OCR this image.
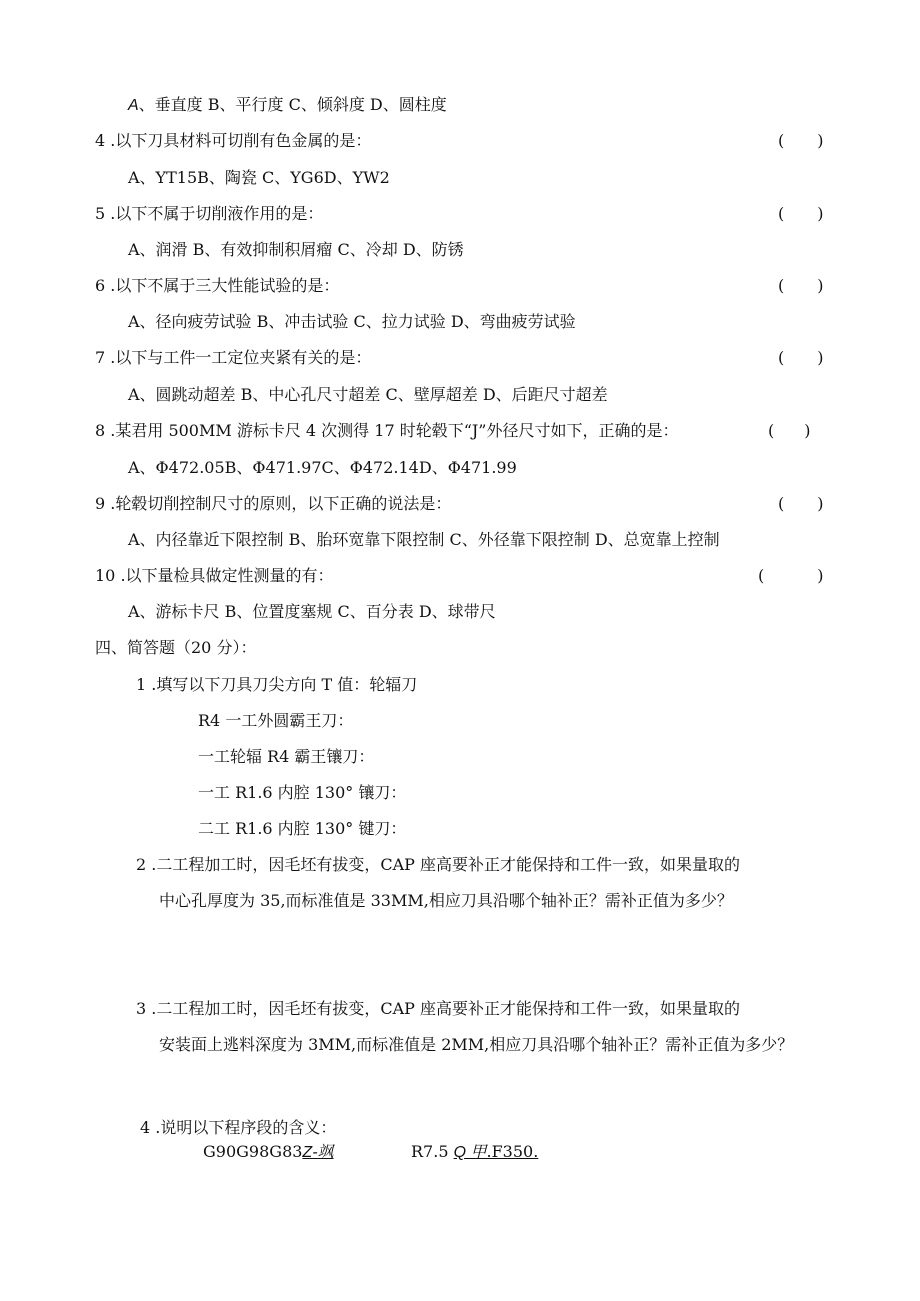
A、垂直度 B、平行度 C、倾斜度 D、圆柱度
4 .以下刀具材料可切削有色金属的是：	( )
A、YT15B、陶瓷 C、YG6D、YW2
5 .以下不属于切削液作用的是：	( )
A、润滑 B、有效抑制积屑瘤 C、冷却 D、防锈
6 .以下不属于三大性能试验的是：	( )
A、径向疲劳试验 B、冲击试验 C、拉力试验 D、弯曲疲劳试验
7 .以下与工件一工定位夹紧有关的是：	( )
A、圆跳动超差 B、中心孔尺寸超差 C、壁厚超差 D、后距尺寸超差
8 .某君用 500MM 游标卡尺 4 次测得 17 时轮毂下“J”外径尺寸如下，正确的是：	( )
A、Φ472.05B、Φ471.97C、Φ472.14D、Φ471.99
9 .轮毂切削控制尺寸的原则，以下正确的说法是：	( )
A、内径靠近下限控制 B、胎环宽靠下限控制 C、外径靠下限控制 D、总宽靠上控制
10 .以下量检具做定性测量的有：	(	)
A、游标卡尺 B、位置度塞规 C、百分表 D、球带尺
四、简答题（20 分）：
1 .填写以下刀具刀尖方向 T 值：轮辐刀
R4 一工外圆霸王刀：
一工轮辐 R4 霸王镶刀：
一工 R1.6 内腔 130° 镶刀：
二工 R1.6 内腔 130° 键刀：
2 .二工程加工时，因毛坯有拔变，CAP 座高要补正才能保持和工件一致，如果量取的
中心孔厚度为 35,而标准值是 33MM,相应刀具沿哪个轴补正？需补正值为多少？
3 .二工程加工时，因毛坯有拔变，CAP 座高要补正才能保持和工件一致，如果量取的
安装面上逃料深度为 3MM,而标准值是 2MM,相应刀具沿哪个轴补正？需补正值为多少？
4 .说明以下程序段的含义：
G90G98G83Z-飒	R7.5 Q 甲.F350.
